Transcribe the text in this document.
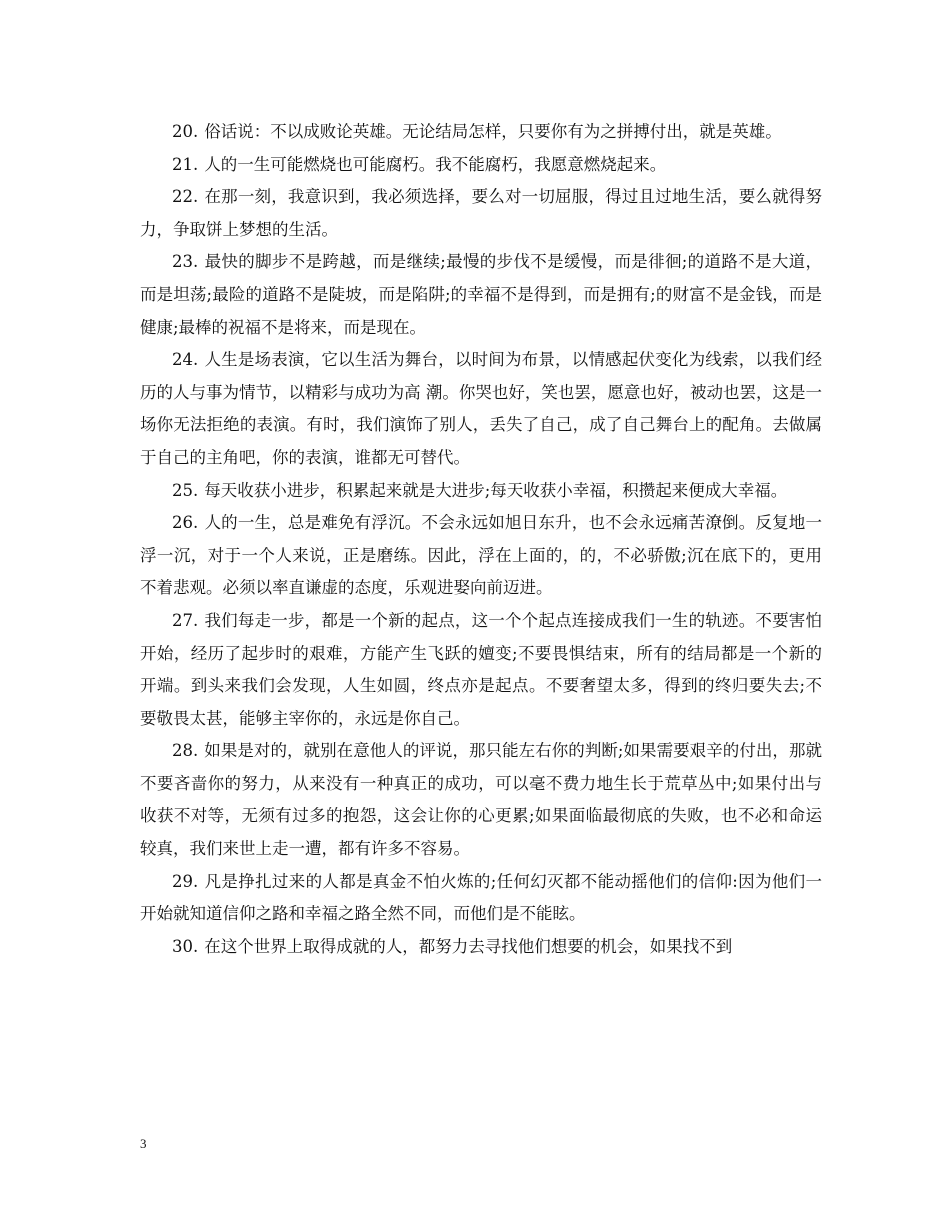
20. 俗话说：不以成败论英雄。无论结局怎样，只要你有为之拼搏付出，就是英雄。

21. 人的一生可能燃烧也可能腐朽。我不能腐朽，我愿意燃烧起来。

22. 在那一刻，我意识到，我必须选择，要么对一切屈服，得过且过地生活，要么就得努力，争取饼上梦想的生活。

23. 最快的脚步不是跨越，而是继续;最慢的步伐不是缓慢，而是徘徊;的道路不是大道，而是坦荡;最险的道路不是陡坡，而是陷阱;的幸福不是得到，而是拥有;的财富不是金钱，而是健康;最棒的祝福不是将来，而是现在。

24. 人生是场表演，它以生活为舞台，以时间为布景，以情感起伏变化为线索，以我们经历的人与事为情节，以精彩与成功为高 潮。你哭也好，笑也罢，愿意也好，被动也罢，这是一场你无法拒绝的表演。有时，我们演饰了别人，丢失了自己，成了自己舞台上的配角。去做属于自己的主角吧，你的表演，谁都无可替代。

25. 每天收获小进步，积累起来就是大进步;每天收获小幸福，积攒起来便成大幸福。

26. 人的一生，总是难免有浮沉。不会永远如旭日东升，也不会永远痛苦潦倒。反复地一浮一沉，对于一个人来说，正是磨练。因此，浮在上面的，的，不必骄傲;沉在底下的，更用不着悲观。必须以率直谦虚的态度，乐观进娶向前迈进。

27. 我们每走一步，都是一个新的起点，这一个个起点连接成我们一生的轨迹。不要害怕开始，经历了起步时的艰难，方能产生飞跃的嬗变;不要畏惧结束，所有的结局都是一个新的开端。到头来我们会发现，人生如圆，终点亦是起点。不要奢望太多，得到的终归要失去;不要敬畏太甚，能够主宰你的，永远是你自己。

28. 如果是对的，就别在意他人的评说，那只能左右你的判断;如果需要艰辛的付出，那就不要吝啬你的努力，从来没有一种真正的成功，可以毫不费力地生长于荒草丛中;如果付出与收获不对等，无须有过多的抱怨，这会让你的心更累;如果面临最彻底的失败，也不必和命运较真，我们来世上走一遭，都有许多不容易。

29. 凡是挣扎过来的人都是真金不怕火炼的;任何幻灭都不能动摇他们的信仰:因为他们一开始就知道信仰之路和幸福之路全然不同，而他们是不能眩。

30. 在这个世界上取得成就的人，都努力去寻找他们想要的机会，如果找不到

3
